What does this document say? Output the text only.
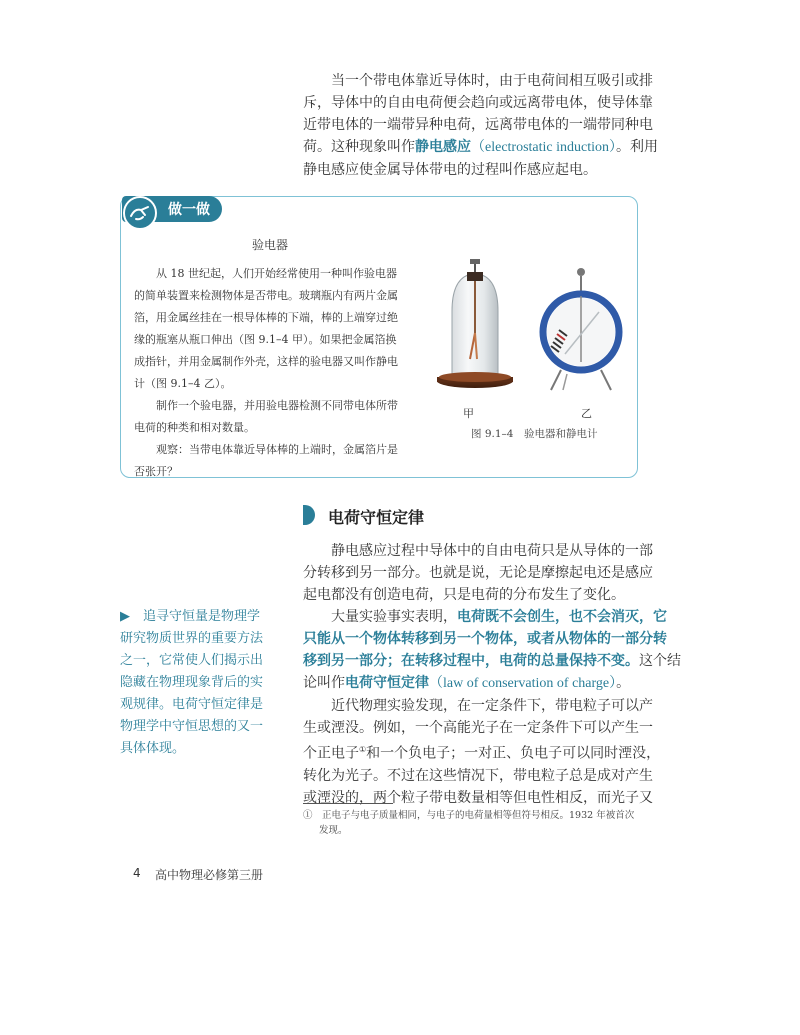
当一个带电体靠近导体时，由于电荷间相互吸引或排

斥，导体中的自由电荷便会趋向或远离带电体，使导体靠

近带电体的一端带异种电荷，远离带电体的一端带同种电

荷。这种现象叫作静电感应（electrostatic induction）。利用

静电感应使金属导体带电的过程叫作感应起电。

做一做
验电器

从 18 世纪起，人们开始经常使用一种叫作验电器

的简单装置来检测物体是否带电。玻璃瓶内有两片金属

箔，用金属丝挂在一根导体棒的下端，棒的上端穿过绝

缘的瓶塞从瓶口伸出（图 9.1–4 甲）。如果把金属箔换

成指针，并用金属制作外壳，这样的验电器又叫作静电

计（图 9.1–4 乙）。

制作一个验电器，并用验电器检测不同带电体所带

电荷的种类和相对数量。

观察：当带电体靠近导体棒的上端时，金属箔片是

否张开？

甲	乙
图 9.1–4　验电器和静电计
电荷守恒定律

静电感应过程中导体中的自由电荷只是从导体的一部

分转移到另一部分。也就是说，无论是摩擦起电还是感应

起电都没有创造电荷，只是电荷的分布发生了变化。

大量实验事实表明，电荷既不会创生，也不会消灭，它

只能从一个物体转移到另一个物体，或者从物体的一部分转

移到另一部分；在转移过程中，电荷的总量保持不变。这个结

论叫作电荷守恒定律（law of conservation of charge）。

近代物理实验发现，在一定条件下，带电粒子可以产

生或湮没。例如，一个高能光子在一定条件下可以产生一

个正电子①和一个负电子；一对正、负电子可以同时湮没，

转化为光子。不过在这些情况下，带电粒子总是成对产生

或湮没的，两个粒子带电数量相等但电性相反，而光子又

▶　追寻守恒量是物理学

研究物质世界的重要方法

之一，它常使人们揭示出

隐藏在物理现象背后的实

观规律。电荷守恒定律是

物理学中守恒思想的又一

具体体现。

①　正电子与电子质量相同，与电子的电荷量相等但符号相反。1932 年被首次

发现。

4 高中物理必修第三册
